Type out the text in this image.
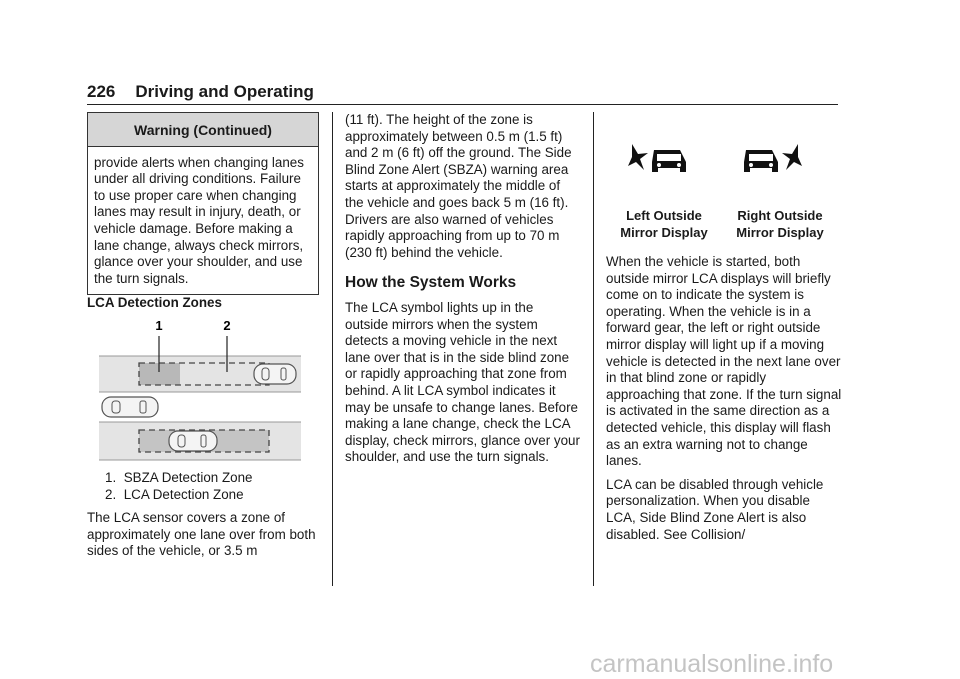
226 Driving and Operating
Warning (Continued)
provide alerts when changing lanes under all driving conditions. Failure to use proper care when changing lanes may result in injury, death, or vehicle damage. Before making a lane change, always check mirrors, glance over your shoulder, and use the turn signals.

LCA Detection Zones

1	2
1. SBZA Detection Zone
2. LCA Detection Zone

The LCA sensor covers a zone of approximately one lane over from both sides of the vehicle, or 3.5 m

(11 ft). The height of the zone is approximately between 0.5 m (1.5 ft) and 2 m (6 ft) off the ground. The Side Blind Zone Alert (SBZA) warning area starts at approximately the middle of the vehicle and goes back 5 m (16 ft). Drivers are also warned of vehicles rapidly approaching from up to 70 m (230 ft) behind the vehicle.

How the System Works

The LCA symbol lights up in the outside mirrors when the system detects a moving vehicle in the next lane over that is in the side blind zone or rapidly approaching that zone from behind. A lit LCA symbol indicates it may be unsafe to change lanes. Before making a lane change, check the LCA display, check mirrors, glance over your shoulder, and use the turn signals.

Left Outside
Mirror Display
Right Outside
Mirror Display

When the vehicle is started, both outside mirror LCA displays will briefly come on to indicate the system is operating. When the vehicle is in a forward gear, the left or right outside mirror display will light up if a moving vehicle is detected in the next lane over in that blind zone or rapidly approaching that zone. If the turn signal is activated in the same direction as a detected vehicle, this display will flash as an extra warning not to change lanes.

LCA can be disabled through vehicle personalization. When you disable LCA, Side Blind Zone Alert is also disabled. See Collision/

carmanualsonline.info
